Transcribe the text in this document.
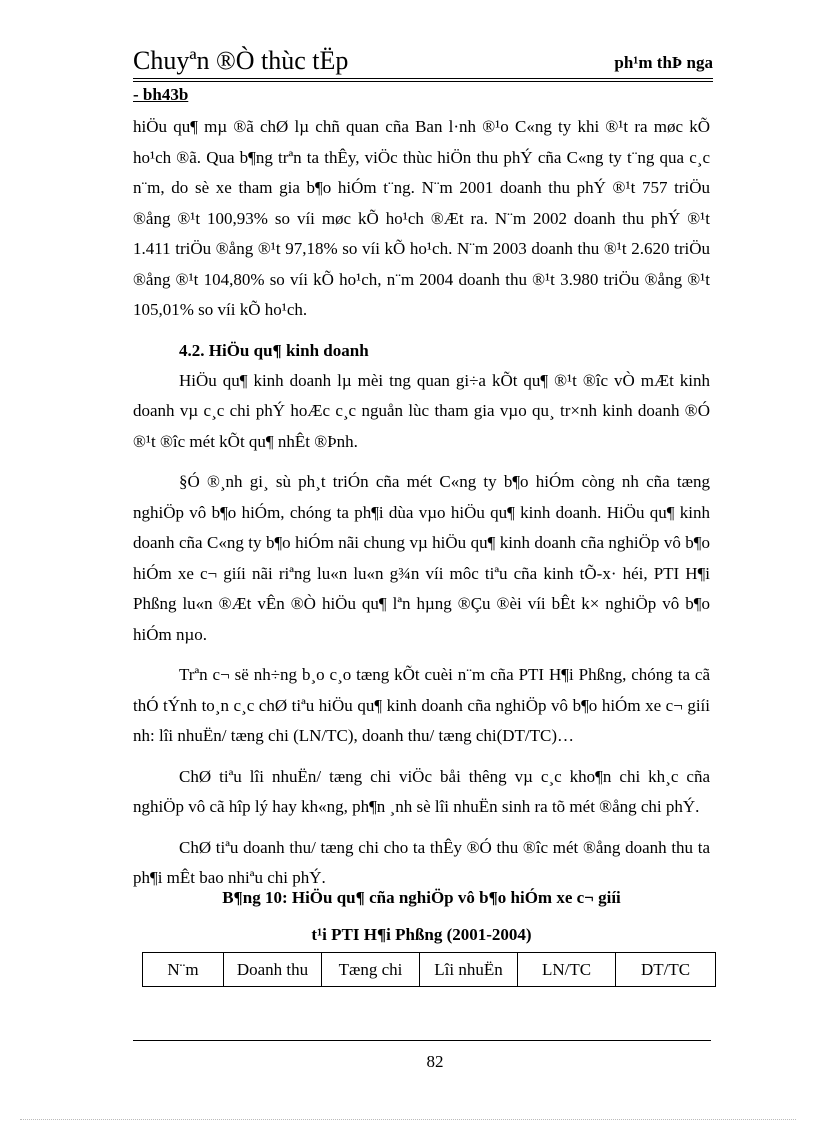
Chuyªn ®Ò thùc tËp	ph¹m thÞ nga
- bh43b

hiÖu qu¶ mµ ®ã chØ lµ chñ quan cña Ban l·nh ®¹o C«ng ty khi ®¹t ra møc kÕ ho¹ch ®ã. Qua b¶ng trªn ta thÊy, viÖc thùc hiÖn thu phÝ cña C«ng ty t¨ng qua c¸c n¨m, do sè xe tham gia b¶o hiÓm t¨ng. N¨m 2001 doanh thu phÝ ®¹t 757 triÖu ®ång ®¹t 100,93% so víi møc kÕ ho¹ch ®Æt ra. N¨m 2002 doanh thu phÝ ®¹t 1.411 triÖu ®ång ®¹t 97,18% so víi kÕ ho¹ch. N¨m 2003 doanh thu ®¹t 2.620 triÖu ®ång ®¹t 104,80% so víi kÕ ho¹ch, n¨m 2004 doanh thu ®¹t 3.980 triÖu ®ång ®¹t 105,01% so víi kÕ ho¹ch.

4.2. HiÖu qu¶ kinh doanh

HiÖu qu¶ kinh doanh lµ mèi tng quan gi÷a kÕt qu¶ ®¹t ®îc vÒ mÆt kinh doanh vµ c¸c chi phÝ hoÆc c¸c nguån lùc tham gia vµo qu¸ tr×nh kinh doanh ®Ó ®¹t ®îc mét kÕt qu¶ nhÊt ®Þnh.

§Ó ®¸nh gi¸ sù ph¸t triÓn cña mét C«ng ty b¶o hiÓm còng nh cña tæng nghiÖp vô b¶o hiÓm, chóng ta ph¶i dùa vµo hiÖu qu¶ kinh doanh. HiÖu qu¶ kinh doanh cña C«ng ty b¶o hiÓm nãi chung vµ hiÖu qu¶ kinh doanh cña nghiÖp vô b¶o hiÓm xe c¬ giíi nãi riªng lu«n lu«n g¾n víi môc tiªu cña kinh tÕ-x· héi, PTI H¶i Phßng lu«n ®Æt vÊn ®Ò hiÖu qu¶ lªn hµng ®Çu ®èi víi bÊt k× nghiÖp vô b¶o hiÓm nµo.

Trªn c¬ së nh÷ng b¸o c¸o tæng kÕt cuèi n¨m cña PTI H¶i Phßng, chóng ta cã thÓ tÝnh to¸n c¸c chØ tiªu hiÖu qu¶ kinh doanh cña nghiÖp vô b¶o hiÓm xe c¬ giíi nh: lîi nhuËn/ tæng chi (LN/TC), doanh thu/ tæng chi(DT/TC)…

ChØ tiªu lîi nhuËn/ tæng chi viÖc båi thêng vµ c¸c kho¶n chi kh¸c cña nghiÖp vô cã hîp lý hay kh«ng, ph¶n ¸nh sè lîi nhuËn sinh ra tõ mét ®ång chi phÝ.

ChØ tiªu doanh thu/ tæng chi cho ta thÊy ®Ó thu ®îc mét ®ång doanh thu ta ph¶i mÊt bao nhiªu chi phÝ.

B¶ng 10: HiÖu qu¶ cña nghiÖp vô b¶o hiÓm xe c¬ giíi
t¹i PTI H¶i Phßng (2001-2004)
N¨m	Doanh thu	Tæng chi	Lîi nhuËn	LN/TC	DT/TC
82
